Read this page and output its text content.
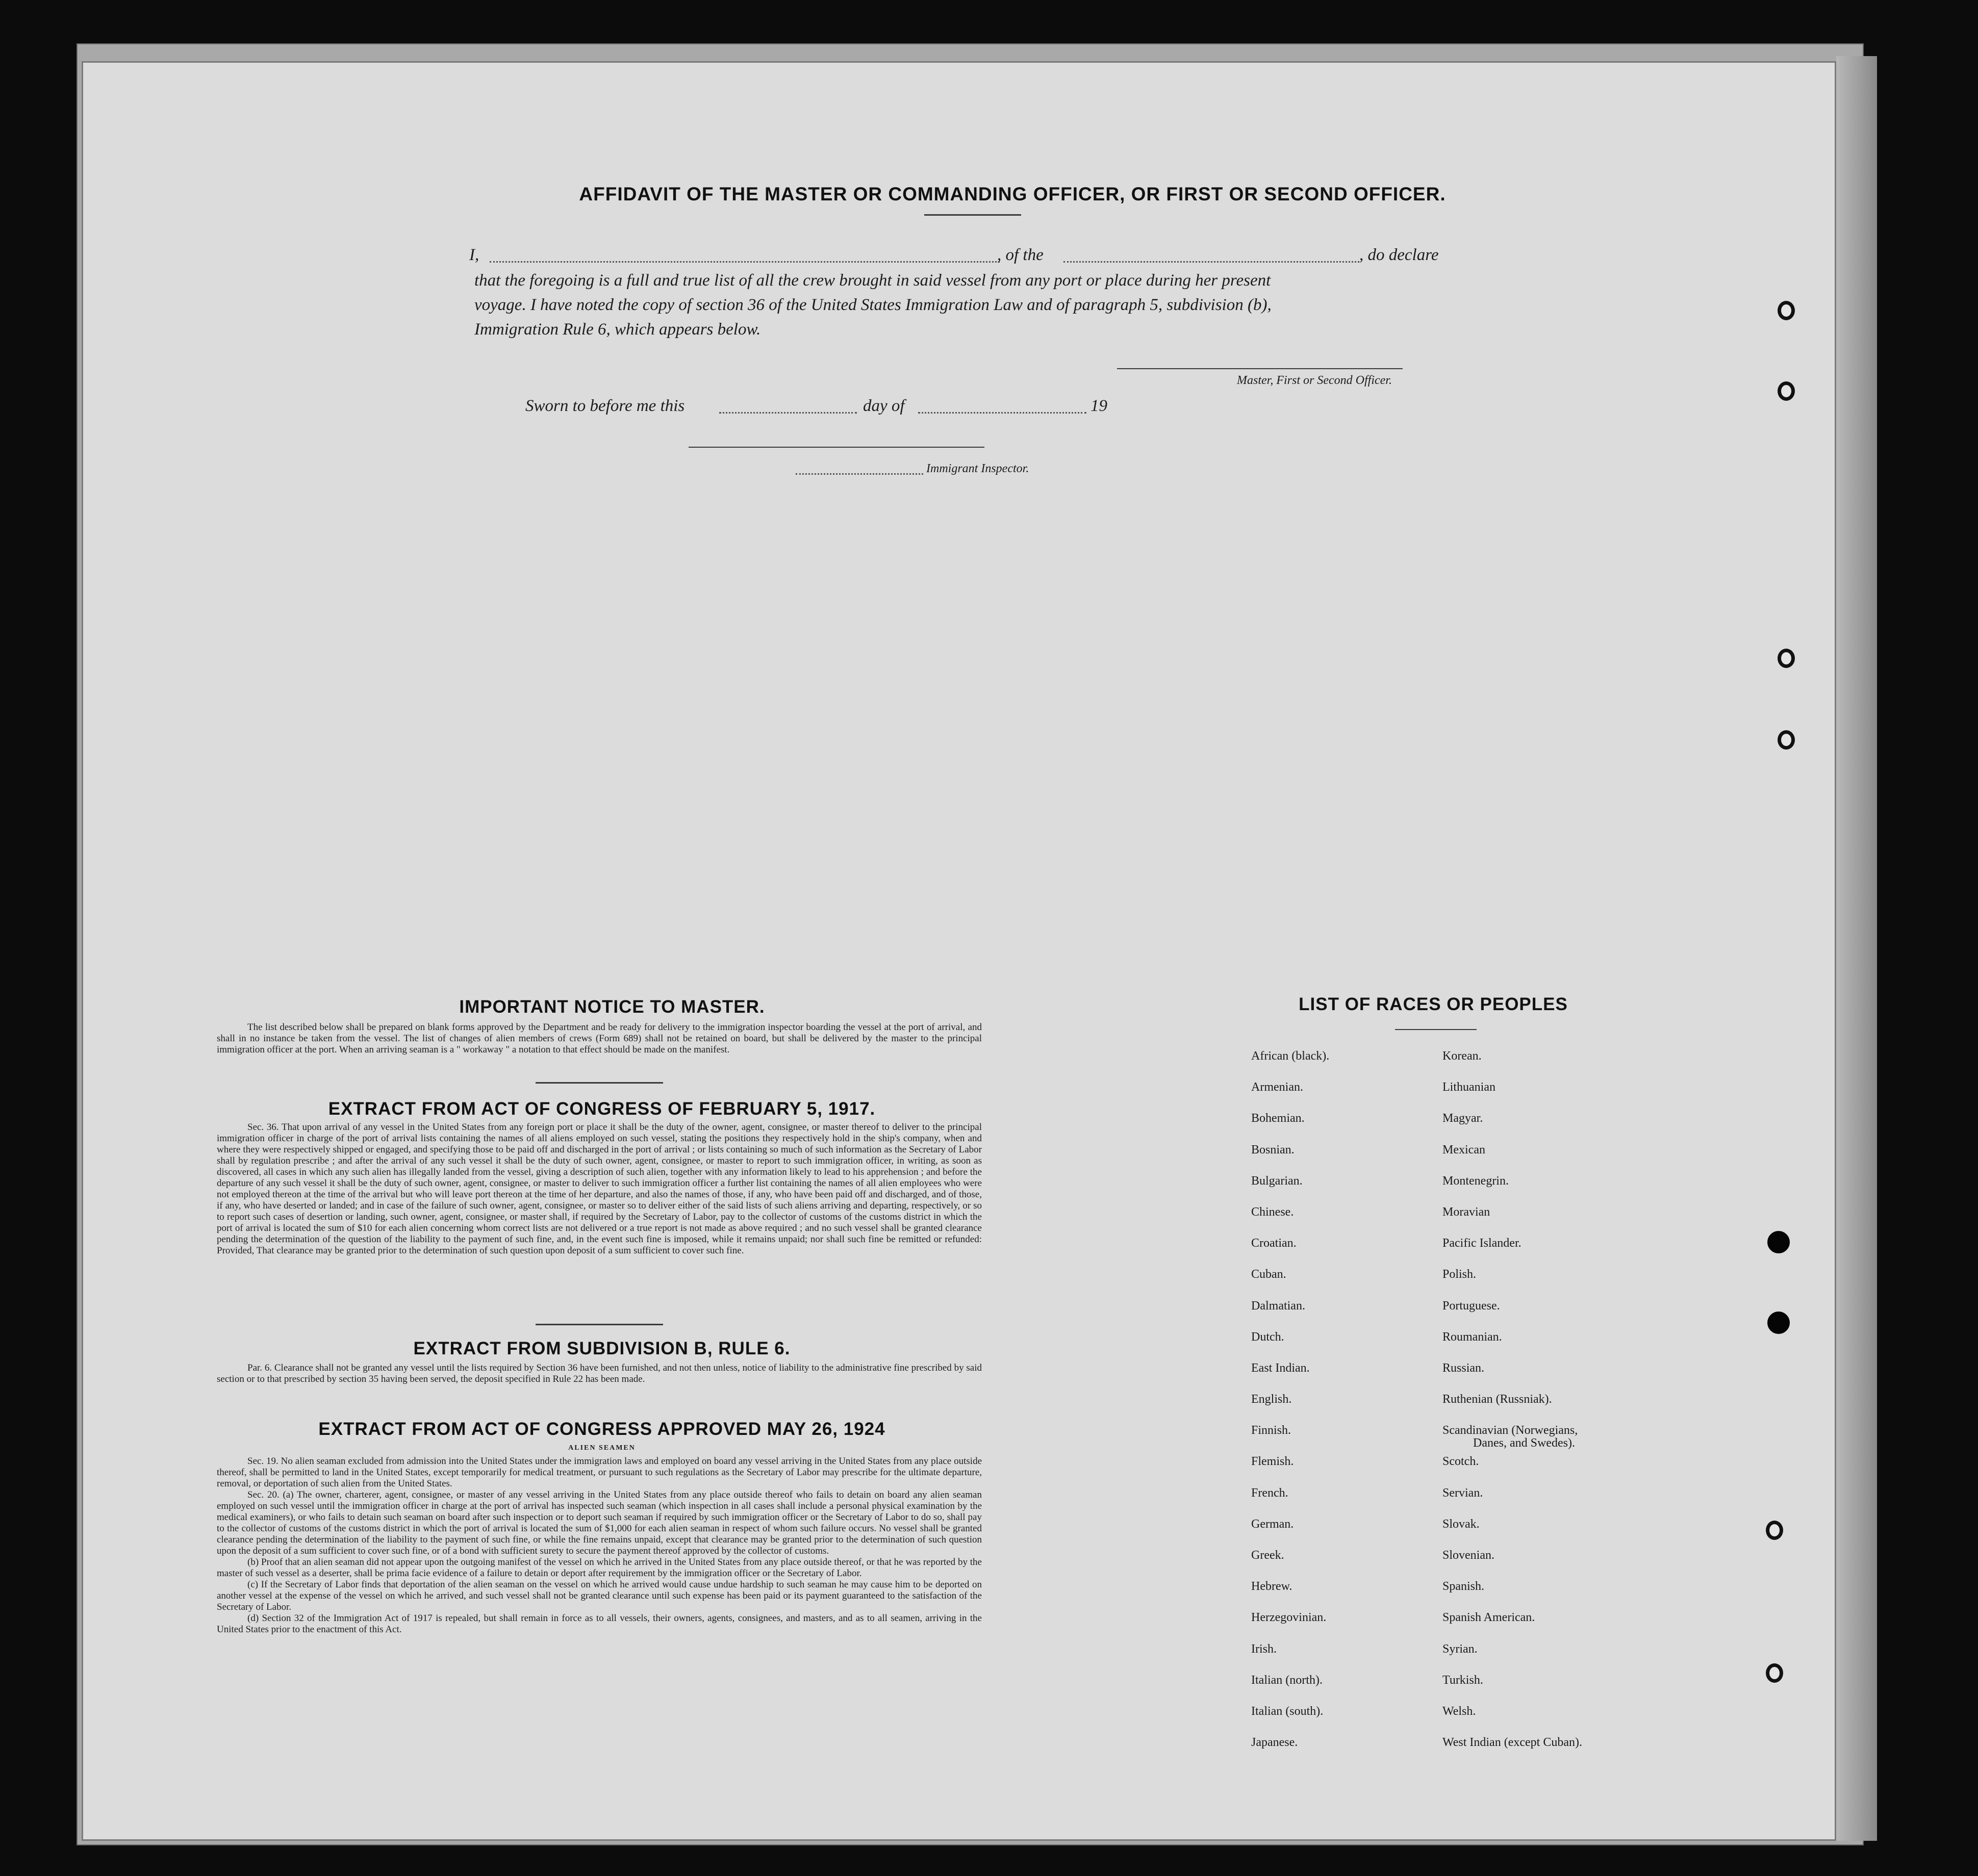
AFFIDAVIT OF THE MASTER OR COMMANDING OFFICER, OR FIRST OR SECOND OFFICER.
I,	, of the	, do declare
that the foregoing is a full and true list of all the crew brought in said vessel from any port or place during her present
voyage. I have noted the copy of section 36 of the United States Immigration Law and of paragraph 5, subdivision (b),
Immigration Rule 6, which appears below.
Master, First or Second Officer.
Sworn to before me this	day of	19
Immigrant Inspector.
IMPORTANT NOTICE TO MASTER.
The list described below shall be prepared on blank forms approved by the Department and be ready for delivery to the immigration inspector boarding the vessel at the port of arrival, and shall in no instance be taken from the vessel. The list of changes of alien members of crews (Form 689) shall not be retained on board, but shall be delivered by the master to the principal immigration officer at the port. When an arriving seaman is a " workaway " a notation to that effect should be made on the manifest.
EXTRACT FROM ACT OF CONGRESS OF FEBRUARY 5, 1917.
Sec. 36. That upon arrival of any vessel in the United States from any foreign port or place it shall be the duty of the owner, agent, consignee, or master thereof to deliver to the principal immigration officer in charge of the port of arrival lists containing the names of all aliens employed on such vessel, stating the positions they respectively hold in the ship's company, when and where they were respectively shipped or engaged, and specifying those to be paid off and discharged in the port of arrival ; or lists containing so much of such information as the Secretary of Labor shall by regulation prescribe ; and after the arrival of any such vessel it shall be the duty of such owner, agent, consignee, or master to report to such immigration officer, in writing, as soon as discovered, all cases in which any such alien has illegally landed from the vessel, giving a description of such alien, together with any information likely to lead to his apprehension ; and before the departure of any such vessel it shall be the duty of such owner, agent, consignee, or master to deliver to such immigration officer a further list containing the names of all alien employees who were not employed thereon at the time of the arrival but who will leave port thereon at the time of her departure, and also the names of those, if any, who have been paid off and discharged, and of those, if any, who have deserted or landed; and in case of the failure of such owner, agent, consignee, or master so to deliver either of the said lists of such aliens arriving and departing, respectively, or so to report such cases of desertion or landing, such owner, agent, consignee, or master shall, if required by the Secretary of Labor, pay to the collector of customs of the customs district in which the port of arrival is located the sum of $10 for each alien concerning whom correct lists are not delivered or a true report is not made as above required ; and no such vessel shall be granted clearance pending the determination of the question of the liability to the payment of such fine, and, in the event such fine is imposed, while it remains unpaid; nor shall such fine be remitted or refunded: Provided, That clearance may be granted prior to the determination of such question upon deposit of a sum sufficient to cover such fine.
EXTRACT FROM SUBDIVISION B, RULE 6.
Par. 6. Clearance shall not be granted any vessel until the lists required by Section 36 have been furnished, and not then unless, notice of liability to the administrative fine prescribed by said section or to that prescribed by section 35 having been served, the deposit specified in Rule 22 has been made.
EXTRACT FROM ACT OF CONGRESS APPROVED MAY 26, 1924
ALIEN SEAMEN
Sec. 19. No alien seaman excluded from admission into the United States under the immigration laws and employed on board any vessel arriving in the United States from any place outside thereof, shall be permitted to land in the United States, except temporarily for medical treatment, or pursuant to such regulations as the Secretary of Labor may prescribe for the ultimate departure, removal, or deportation of such alien from the United States.
Sec. 20. (a) The owner, charterer, agent, consignee, or master of any vessel arriving in the United States from any place outside thereof who fails to detain on board any alien seaman employed on such vessel until the immigration officer in charge at the port of arrival has inspected such seaman (which inspection in all cases shall include a personal physical examination by the medical examiners), or who fails to detain such seaman on board after such inspection or to deport such seaman if required by such immigration officer or the Secretary of Labor to do so, shall pay to the collector of customs of the customs district in which the port of arrival is located the sum of $1,000 for each alien seaman in respect of whom such failure occurs. No vessel shall be granted clearance pending the determination of the liability to the payment of such fine, or while the fine remains unpaid, except that clearance may be granted prior to the determination of such question upon the deposit of a sum sufficient to cover such fine, or of a bond with sufficient surety to secure the payment thereof approved by the collector of customs.
(b) Proof that an alien seaman did not appear upon the outgoing manifest of the vessel on which he arrived in the United States from any place outside thereof, or that he was reported by the master of such vessel as a deserter, shall be prima facie evidence of a failure to detain or deport after requirement by the immigration officer or the Secretary of Labor.
(c) If the Secretary of Labor finds that deportation of the alien seaman on the vessel on which he arrived would cause undue hardship to such seaman he may cause him to be deported on another vessel at the expense of the vessel on which he arrived, and such vessel shall not be granted clearance until such expense has been paid or its payment guaranteed to the satisfaction of the Secretary of Labor.
(d) Section 32 of the Immigration Act of 1917 is repealed, but shall remain in force as to all vessels, their owners, agents, consignees, and masters, and as to all seamen, arriving in the United States prior to the enactment of this Act.
LIST OF RACES OR PEOPLES
African (black).
Armenian.
Bohemian.
Bosnian.
Bulgarian.
Chinese.
Croatian.
Cuban.
Dalmatian.
Dutch.
East Indian.
English.
Finnish.
Flemish.
French.
German.
Greek.
Hebrew.
Herzegovinian.
Irish.
Italian (north).
Italian (south).
Japanese.
Korean.
Lithuanian
Magyar.
Mexican
Montenegrin.
Moravian
Pacific Islander.
Polish.
Portuguese.
Roumanian.
Russian.
Ruthenian (Russniak).
Scandinavian (Norwegians,
Danes, and Swedes).
Scotch.
Servian.
Slovak.
Slovenian.
Spanish.
Spanish American.
Syrian.
Turkish.
Welsh.
West Indian (except Cuban).
